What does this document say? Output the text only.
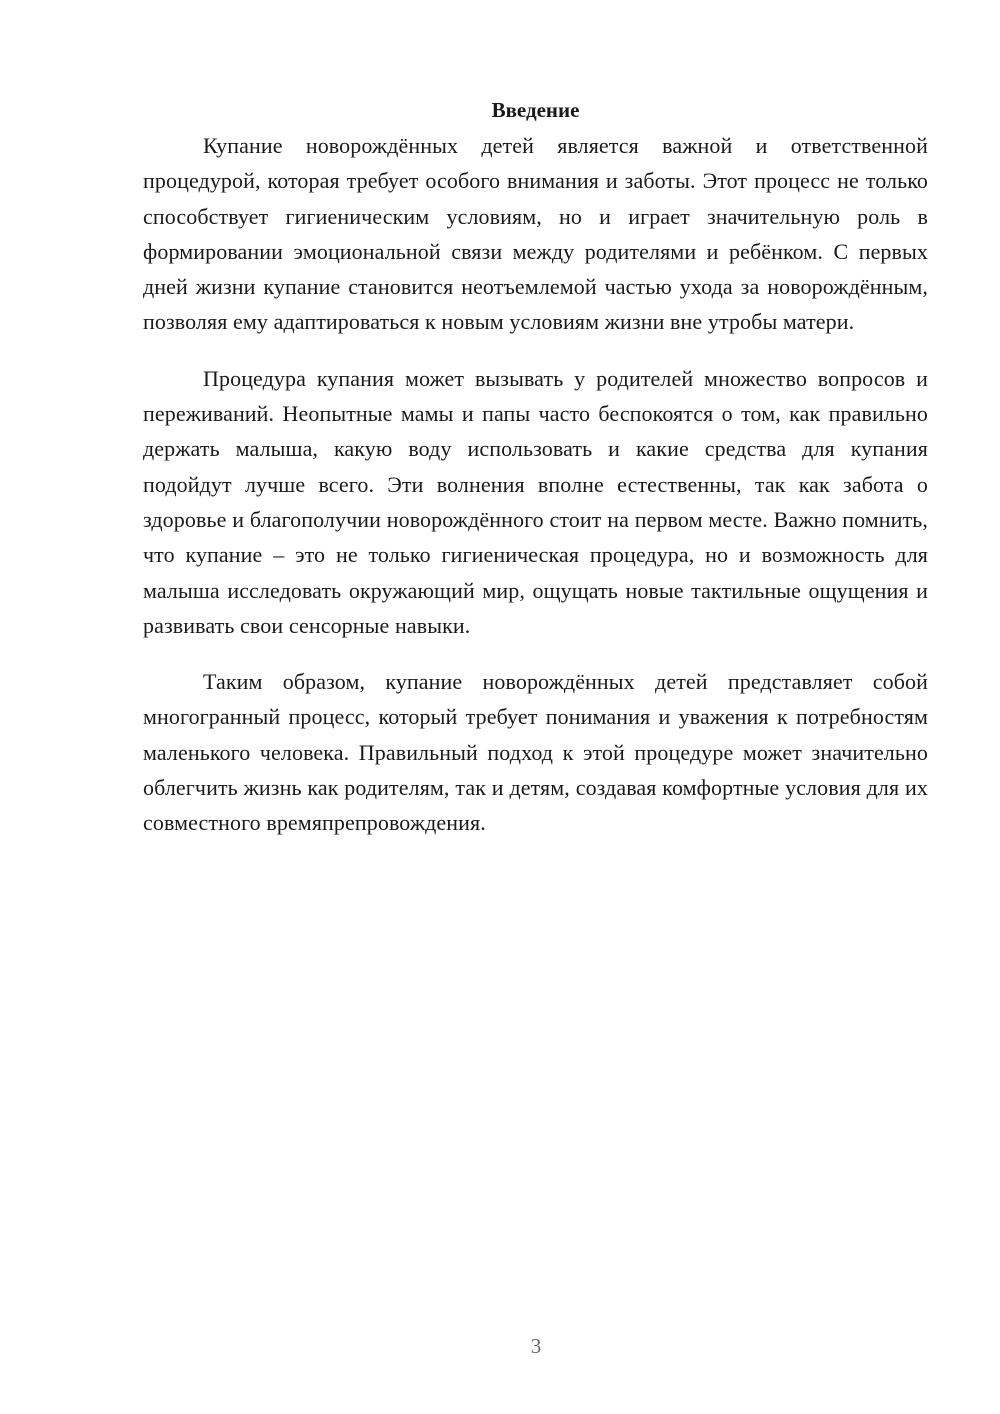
Введение

Купание новорождённых детей является важной и ответственной процедурой, которая требует особого внимания и заботы. Этот процесс не только способствует гигиеническим условиям, но и играет значительную роль в формировании эмоциональной связи между родителями и ребёнком. С первых дней жизни купание становится неотъемлемой частью ухода за новорождённым, позволяя ему адаптироваться к новым условиям жизни вне утробы матери.

Процедура купания может вызывать у родителей множество вопросов и переживаний. Неопытные мамы и папы часто беспокоятся о том, как правильно держать малыша, какую воду использовать и какие средства для купания подойдут лучше всего. Эти волнения вполне естественны, так как забота о здоровье и благополучии новорождённого стоит на первом месте. Важно помнить, что купание – это не только гигиеническая процедура, но и возможность для малыша исследовать окружающий мир, ощущать новые тактильные ощущения и развивать свои сенсорные навыки.

Таким образом, купание новорождённых детей представляет собой многогранный процесс, который требует понимания и уважения к потребностям маленького человека. Правильный подход к этой процедуре может значительно облегчить жизнь как родителям, так и детям, создавая комфортные условия для их совместного времяпрепровождения.

3
